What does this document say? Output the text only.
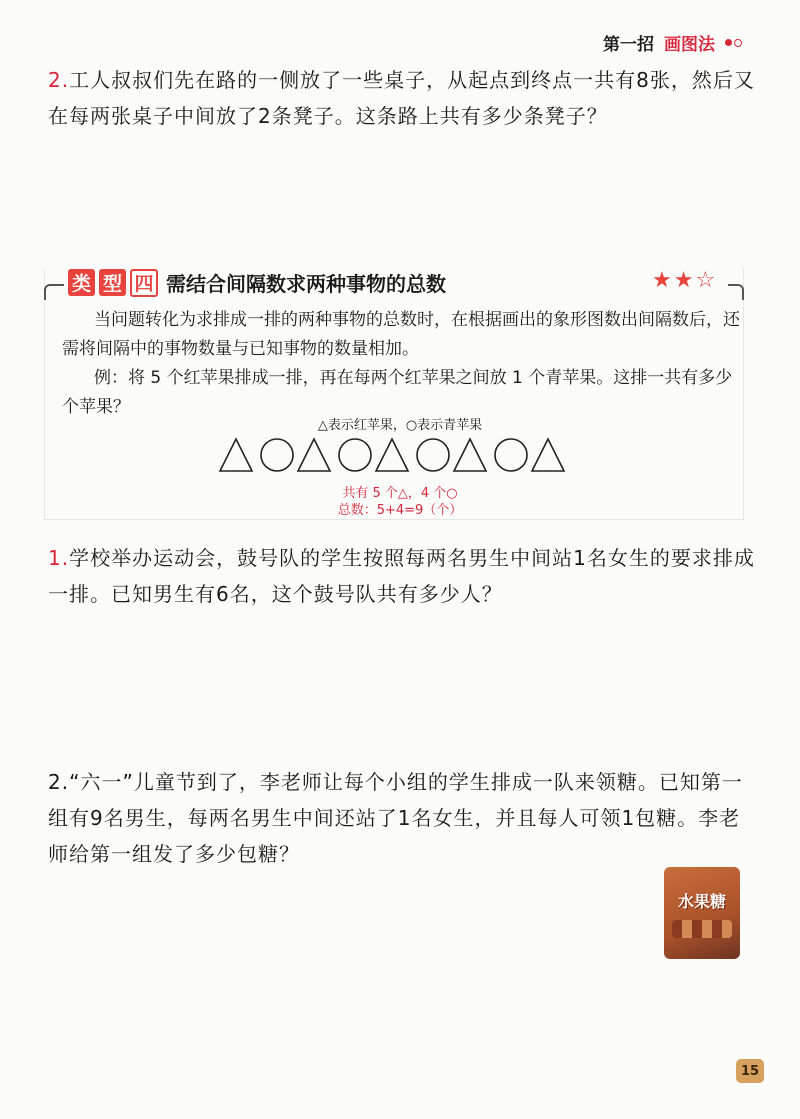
第一招 画图法
2.工人叔叔们先在路的一侧放了一些桌子，从起点到终点一共有8张，然后又在每两张桌子中间放了2条凳子。这条路上共有多少条凳子？
类 型 四 需结合间隔数求两种事物的总数	★ ★ ☆
当问题转化为求排成一排的两种事物的总数时，在根据画出的象形图数出间隔数后，还需将间隔中的事物数量与已知事物的数量相加。
例：将 5 个红苹果排成一排，再在每两个红苹果之间放 1 个青苹果。这排一共有多少个苹果？
△表示红苹果，○表示青苹果
共有 5 个△，4 个○
总数：5+4=9（个）
1.学校举办运动会，鼓号队的学生按照每两名男生中间站1名女生的要求排成一排。已知男生有6名，这个鼓号队共有多少人？
2.“六一”儿童节到了，李老师让每个小组的学生排成一队来领糖。已知第一组有9名男生，每两名男生中间还站了1名女生，并且每人可领1包糖。李老师给第一组发了多少包糖？
水果糖
15
